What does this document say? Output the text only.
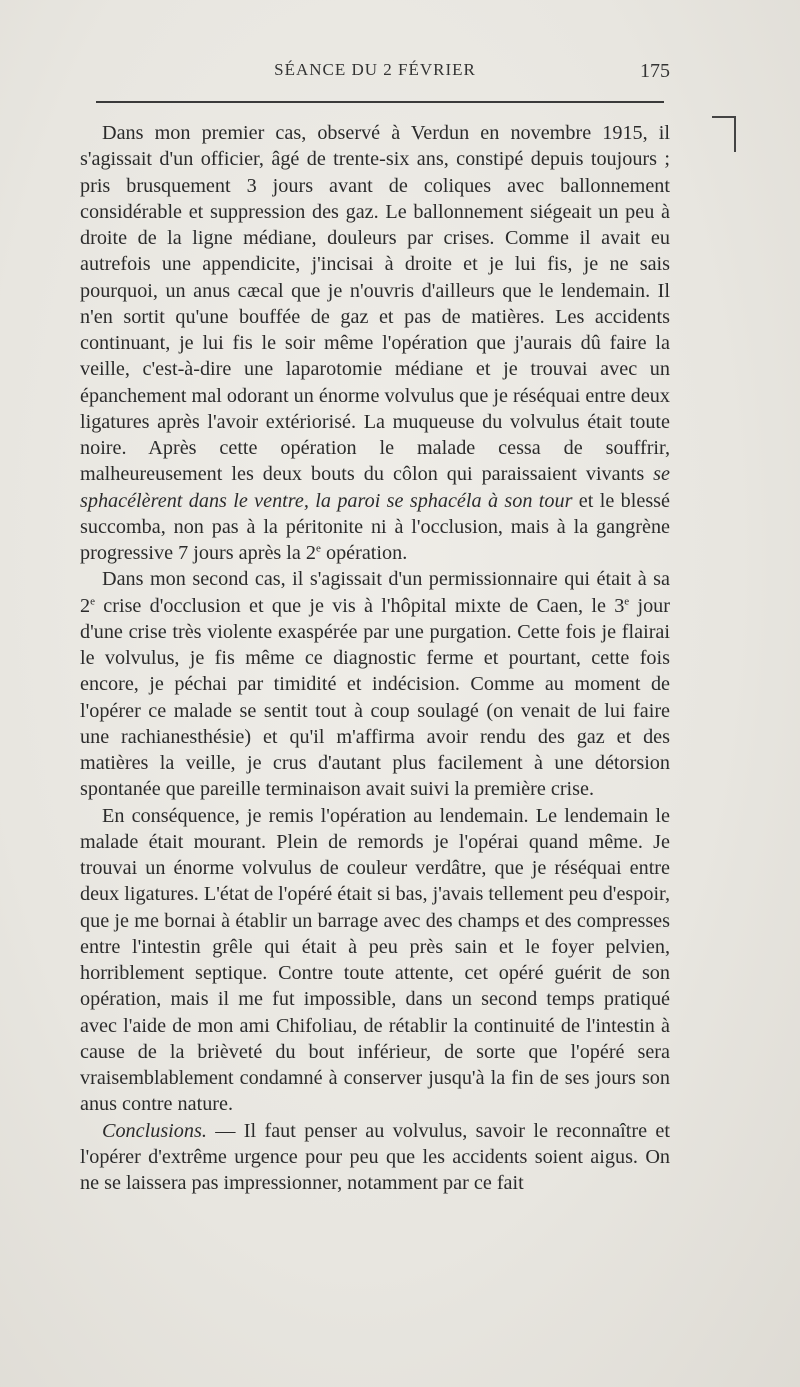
SÉANCE DU 2 FÉVRIER	175

Dans mon premier cas, observé à Verdun en novembre 1915, il s'agissait d'un officier, âgé de trente-six ans, constipé depuis toujours ; pris brusquement 3 jours avant de coliques avec ballonnement considérable et suppression des gaz. Le ballonnement siégeait un peu à droite de la ligne médiane, douleurs par crises. Comme il avait eu autrefois une appendicite, j'incisai à droite et je lui fis, je ne sais pourquoi, un anus cæcal que je n'ouvris d'ailleurs que le lendemain. Il n'en sortit qu'une bouffée de gaz et pas de matières. Les accidents continuant, je lui fis le soir même l'opération que j'aurais dû faire la veille, c'est-à-dire une laparotomie médiane et je trouvai avec un épanchement mal odorant un énorme volvulus que je réséquai entre deux ligatures après l'avoir extériorisé. La muqueuse du volvulus était toute noire. Après cette opération le malade cessa de souffrir, malheureusement les deux bouts du côlon qui paraissaient vivants se sphacélèrent dans le ventre, la paroi se sphacéla à son tour et le blessé succomba, non pas à la péritonite ni à l'occlusion, mais à la gangrène progressive 7 jours après la 2e opération.

Dans mon second cas, il s'agissait d'un permissionnaire qui était à sa 2e crise d'occlusion et que je vis à l'hôpital mixte de Caen, le 3e jour d'une crise très violente exaspérée par une purgation. Cette fois je flairai le volvulus, je fis même ce diagnostic ferme et pourtant, cette fois encore, je péchai par timidité et indécision. Comme au moment de l'opérer ce malade se sentit tout à coup soulagé (on venait de lui faire une rachianesthésie) et qu'il m'affirma avoir rendu des gaz et des matières la veille, je crus d'autant plus facilement à une détorsion spontanée que pareille terminaison avait suivi la première crise.

En conséquence, je remis l'opération au lendemain. Le lendemain le malade était mourant. Plein de remords je l'opérai quand même. Je trouvai un énorme volvulus de couleur verdâtre, que je réséquai entre deux ligatures. L'état de l'opéré était si bas, j'avais tellement peu d'espoir, que je me bornai à établir un barrage avec des champs et des compresses entre l'intestin grêle qui était à peu près sain et le foyer pelvien, horriblement septique. Contre toute attente, cet opéré guérit de son opération, mais il me fut impossible, dans un second temps pratiqué avec l'aide de mon ami Chifoliau, de rétablir la continuité de l'intestin à cause de la brièveté du bout inférieur, de sorte que l'opéré sera vraisemblablement condamné à conserver jusqu'à la fin de ses jours son anus contre nature.

Conclusions. — Il faut penser au volvulus, savoir le reconnaître et l'opérer d'extrême urgence pour peu que les accidents soient aigus. On ne se laissera pas impressionner, notamment par ce fait
